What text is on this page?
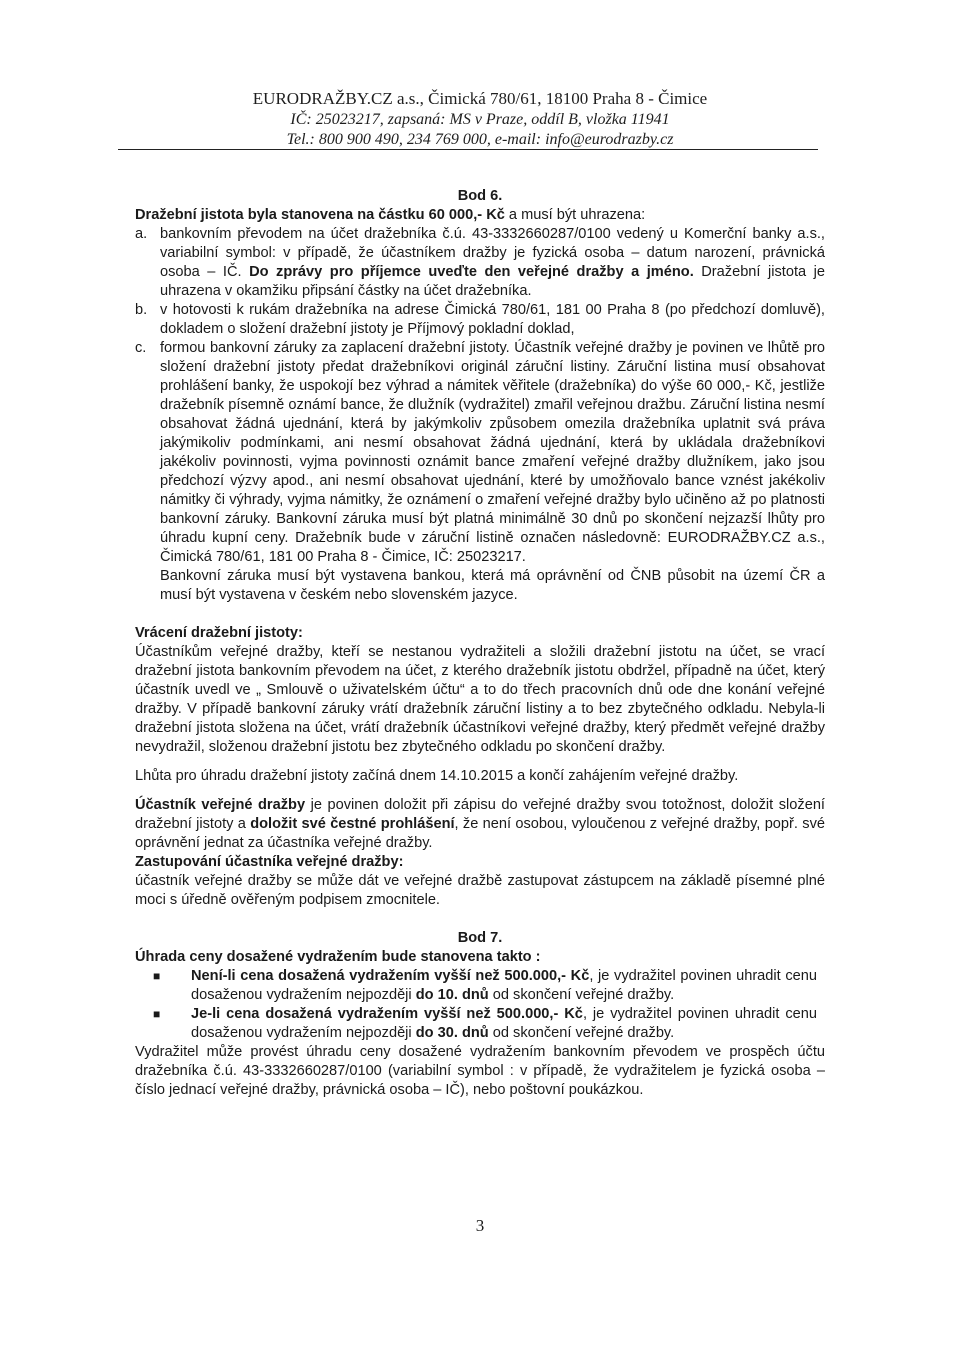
EURODRAŽBY.CZ a.s., Čimická 780/61, 18100 Praha 8 - Čimice
IČ: 25023217, zapsaná: MS v Praze, oddíl B, vložka 11941
Tel.: 800 900 490, 234 769 000, e-mail: info@eurodrazby.cz

Bod 6.

Dražební jistota byla stanovena na částku 60 000,- Kč a musí být uhrazena:

a. bankovním převodem na účet dražebníka č.ú. 43-3332660287/0100 vedený u Komerční banky a.s., variabilní symbol: v případě, že účastníkem dražby je fyzická osoba – datum narození, právnická osoba – IČ. Do zprávy pro příjemce uveďte den veřejné dražby a jméno. Dražební jistota je uhrazena v okamžiku připsání částky na účet dražebníka.
b. v hotovosti k rukám dražebníka na adrese Čimická 780/61, 181 00 Praha 8 (po předchozí domluvě), dokladem o složení dražební jistoty je Příjmový pokladní doklad,
c. formou bankovní záruky za zaplacení dražební jistoty. Účastník veřejné dražby je povinen ve lhůtě pro složení dražební jistoty předat dražebníkovi originál záruční listiny. Záruční listina musí obsahovat prohlášení banky, že uspokojí bez výhrad a námitek věřitele (dražebníka) do výše 60 000,- Kč, jestliže dražebník písemně oznámí bance, že dlužník (vydražitel) zmařil veřejnou dražbu. Záruční listina nesmí obsahovat žádná ujednání, která by jakýmkoliv způsobem omezila dražebníka uplatnit svá práva jakýmikoliv podmínkami, ani nesmí obsahovat žádná ujednání, která by ukládala dražebníkovi jakékoliv povinnosti, vyjma povinnosti oznámit bance zmaření veřejné dražby dlužníkem, jako jsou předchozí výzvy apod., ani nesmí obsahovat ujednání, které by umožňovalo bance vznést jakékoliv námitky či výhrady, vyjma námitky, že oznámení o zmaření veřejné dražby bylo učiněno až po platnosti bankovní záruky. Bankovní záruka musí být platná minimálně 30 dnů po skončení nejzazší lhůty pro úhradu kupní ceny. Dražebník bude v záruční listině označen následovně: EURODRAŽBY.CZ a.s., Čimická 780/61, 181 00 Praha 8 - Čimice, IČ: 25023217.
Bankovní záruka musí být vystavena bankou, která má oprávnění od ČNB působit na území ČR a musí být vystavena v českém nebo slovenském jazyce.

Vrácení dražební jistoty:

Účastníkům veřejné dražby, kteří se nestanou vydražiteli a složili dražební jistotu na účet, se vrací dražební jistota bankovním převodem na účet, z kterého dražebník jistotu obdržel, případně na účet, který účastník uvedl ve „ Smlouvě o uživatelském účtu“ a to do třech pracovních dnů ode dne konání veřejné dražby. V případě bankovní záruky vrátí dražebník záruční listiny a to bez zbytečného odkladu. Nebyla-li dražební jistota složena na účet, vrátí dražebník účastníkovi veřejné dražby, který předmět veřejné dražby nevydražil, složenou dražební jistotu bez zbytečného odkladu po skončení dražby.

Lhůta pro úhradu dražební jistoty začíná dnem 14.10.2015 a končí zahájením veřejné dražby.

Účastník veřejné dražby je povinen doložit při zápisu do veřejné dražby svou totožnost, doložit složení dražební jistoty a doložit své čestné prohlášení, že není osobou, vyloučenou z veřejné dražby, popř. své oprávnění jednat za účastníka veřejné dražby.

Zastupování účastníka veřejné dražby:

účastník veřejné dražby se může dát ve veřejné dražbě zastupovat zástupcem na základě písemné plné moci s úředně ověřeným podpisem zmocnitele.

Bod 7.

Úhrada ceny dosažené vydražením bude stanovena takto :

■	Není-li cena dosažená vydražením vyšší než 500.000,- Kč, je vydražitel povinen uhradit cenu dosaženou vydražením nejpozději do 10. dnů od skončení veřejné dražby.
■	Je-li cena dosažená vydražením vyšší než 500.000,- Kč, je vydražitel povinen uhradit cenu dosaženou vydražením nejpozději do 30. dnů od skončení veřejné dražby.

Vydražitel může provést úhradu ceny dosažené vydražením bankovním převodem ve prospěch účtu dražebníka č.ú. 43-3332660287/0100 (variabilní symbol : v případě, že vydražitelem je fyzická osoba – číslo jednací veřejné dražby, právnická osoba – IČ), nebo poštovní poukázkou.

3
